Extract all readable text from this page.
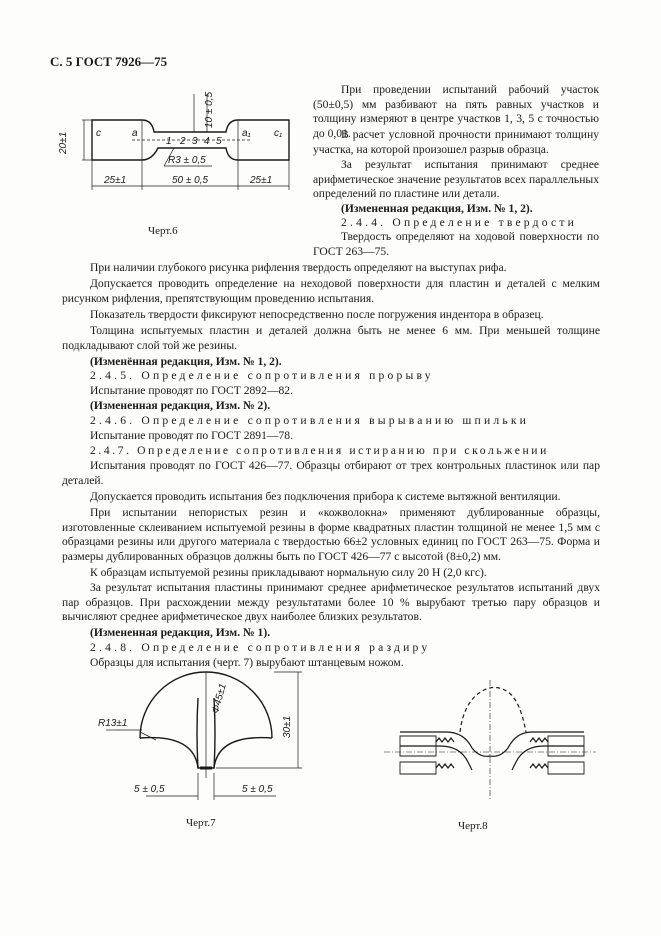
С. 5 ГОСТ 7926—75
c	a
1 2 3 4 5
a₁ c₁
25±1	50 ± 0,5	25±1
R3 ± 0,5
20±1
10 ± 0,5
Черт.6

При проведении испытаний рабочий участок (50±0,5) мм разбивают на пять равных участков и толщину измеряют в центре участков 1, 3, 5 с точностью до 0,01.

В расчет условной прочности принимают толщину участка, на которой произошел разрыв образца.

За результат испытания принимают среднее арифметическое значение результатов всех параллельных определений по пластине или детали.

(Измененная редакция, Изм. № 1, 2).

2.4.4. Определение твердости

Твердость определяют на ходовой поверхности по ГОСТ 263—75.

При наличии глубокого рисунка рифления твердость определяют на выступах рифа.

Допускается проводить определение на неходовой поверхности для пластин и деталей с мелким рисунком рифления, препятствующим проведению испытания.

Показатель твердости фиксируют непосредственно после погружения индентора в образец.

Толщина испытуемых пластин и деталей должна быть не менее 6 мм. При меньшей толщине подкладывают слой той же резины.

(Изменённая редакция, Изм. № 1, 2).

2.4.5. Определение сопротивления прорыву

Испытание проводят по ГОСТ 2892—82.

(Измененная редакция, Изм. № 2).

2.4.6. Определение сопротивления вырыванию шпильки

Испытание проводят по ГОСТ 2891—78.

2.4.7. Определение сопротивления истиранию при скольжении

Испытания проводят по ГОСТ 426—77. Образцы отбирают от трех контрольных пластинок или пар деталей.

Допускается проводить испытания без подключения прибора к системе вытяжной вентиляции.

При испытании непористых резин и «кожволокна» применяют дублированные образцы, изготовленные склеиванием испытуемой резины в форме квадратных пластин толщиной не менее 1,5 мм с образцами резины или другого материала с твердостью 66±2 условных единиц по ГОСТ 263—75. Форма и размеры дублированных образцов должны быть по ГОСТ 426—77 с высотой (8±0,2) мм.

К образцам испытуемой резины прикладывают нормальную силу 20 Н (2,0 кгс).

За результат испытания пластины принимают среднее арифметическое результатов испытаний двух пар образцов. При расхождении между результатами более 10 % вырубают третью пару образцов и вычисляют среднее арифметическое двух наиболее близких результатов.

(Измененная редакция, Изм. № 1).

2.4.8. Определение сопротивления раздиру

Образцы для испытания (черт. 7) вырубают штанцевым ножом.

Φ45±1
R13±1	30±1
5 ± 0,5	5 ± 0,5
Черт.7	Черт.8
